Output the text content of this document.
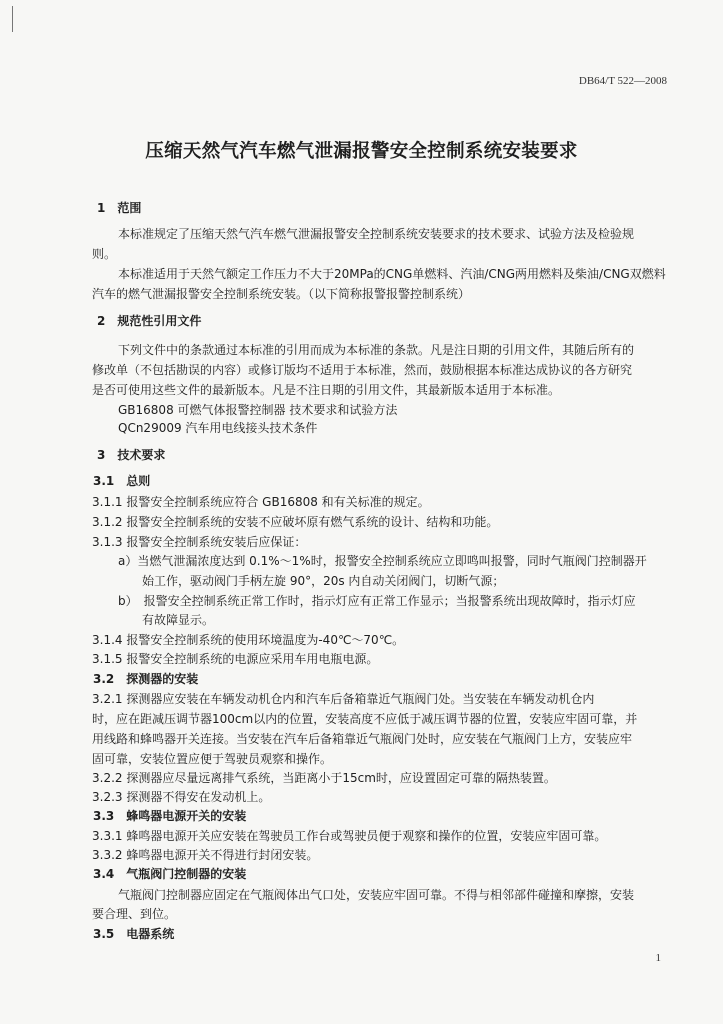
DB64/T 522—2008
压缩天然气汽车燃气泄漏报警安全控制系统安装要求
1　范围
本标准规定了压缩天然气汽车燃气泄漏报警安全控制系统安装要求的技术要求、试验方法及检验规
则。
本标准适用于天然气额定工作压力不大于20MPa的CNG单燃料、汽油/CNG两用燃料及柴油/CNG双燃料
汽车的燃气泄漏报警安全控制系统安装。（以下简称报警报警控制系统）
2　规范性引用文件
下列文件中的条款通过本标准的引用而成为本标准的条款。凡是注日期的引用文件，其随后所有的
修改单（不包括勘误的内容）或修订版均不适用于本标准，然而，鼓励根据本标准达成协议的各方研究
是否可使用这些文件的最新版本。凡是不注日期的引用文件，其最新版本适用于本标准。
GB16808 可燃气体报警控制器 技术要求和试验方法
QCn29009 汽车用电线接头技术条件
3　技术要求
3.1　总则
3.1.1 报警安全控制系统应符合 GB16808 和有关标准的规定。
3.1.2 报警安全控制系统的安装不应破坏原有燃气系统的设计、结构和功能。
3.1.3 报警安全控制系统安装后应保证：
a）当燃气泄漏浓度达到 0.1%～1%时，报警安全控制系统应立即鸣叫报警，同时气瓶阀门控制器开
始工作，驱动阀门手柄左旋 90°，20s 内自动关闭阀门，切断气源；
b）　报警安全控制系统正常工作时，指示灯应有正常工作显示；当报警系统出现故障时，指示灯应
有故障显示。
3.1.4 报警安全控制系统的使用环境温度为-40℃～70℃。
3.1.5 报警安全控制系统的电源应采用车用电瓶电源。
3.2　探测器的安装
3.2.1 探测器应安装在车辆发动机仓内和汽车后备箱靠近气瓶阀门处。当安装在车辆发动机仓内
时，应在距减压调节器100cm以内的位置，安装高度不应低于减压调节器的位置，安装应牢固可靠，并
用线路和蜂鸣器开关连接。当安装在汽车后备箱靠近气瓶阀门处时，应安装在气瓶阀门上方，安装应牢
固可靠，安装位置应便于驾驶员观察和操作。
3.2.2 探测器应尽量远离排气系统，当距离小于15cm时，应设置固定可靠的隔热装置。
3.2.3 探测器不得安在发动机上。
3.3　蜂鸣器电源开关的安装
3.3.1 蜂鸣器电源开关应安装在驾驶员工作台或驾驶员便于观察和操作的位置，安装应牢固可靠。
3.3.2 蜂鸣器电源开关不得进行封闭安装。
3.4　气瓶阀门控制器的安装
气瓶阀门控制器应固定在气瓶阀体出气口处，安装应牢固可靠。不得与相邻部件碰撞和摩擦，安装
要合理、到位。
3.5　电器系统
1
